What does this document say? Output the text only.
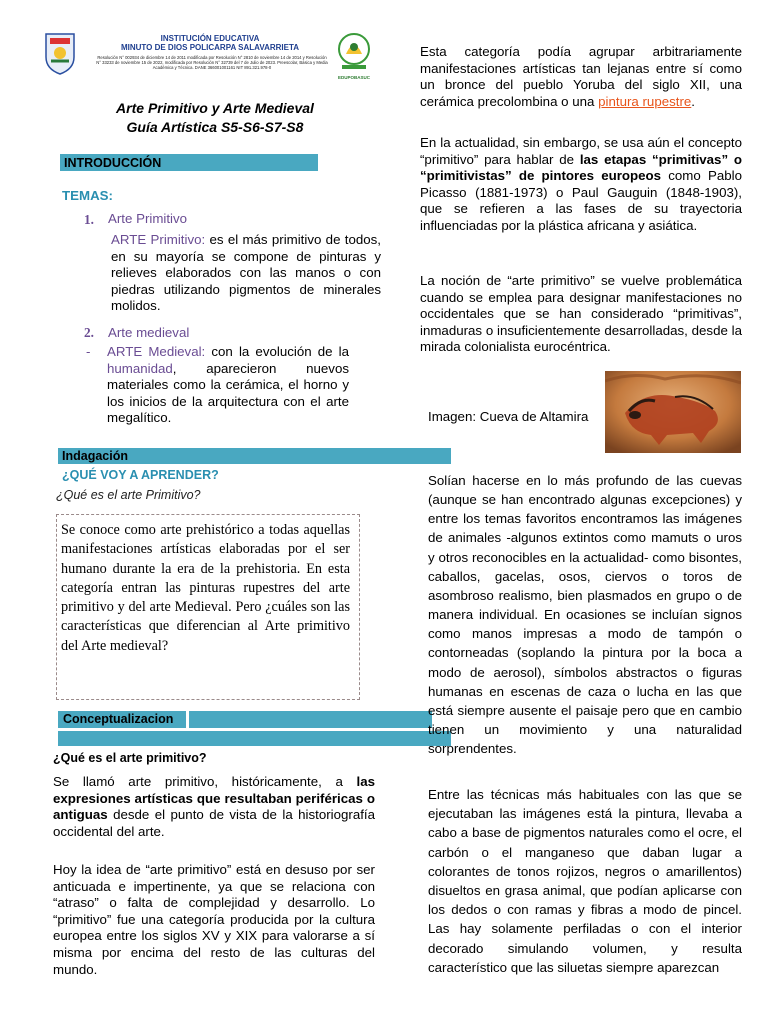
INSTITUCIÓN EDUCATIVA
MINUTO DE DIOS POLICARPA SALAVARRIETA
Resolución N° 002934 de diciembre 14 de 2011 modificada por Resolución N° 2810 de noviembre 14 de 2014 y Resolución N° 33233 de noviembre 15 de 2022, modificada por Resolución N° 32739 del 7 de Julio de 2023. Preescolar, Básica y Media Académica y Técnica. DANE 366001001161 NIT 891.321.978-0
EDUPOBASUC
Arte Primitivo y Arte Medieval
Guía Artística S5-S6-S7-S8
INTRODUCCIÓN
TEMAS:
1. Arte Primitivo
ARTE Primitivo: es el más primitivo de todos, en su mayoría se compone de pinturas y relieves elaborados con las manos o con piedras utilizando pigmentos de minerales molidos.
2. Arte medieval
- ARTE Medieval: con la evolución de la humanidad, aparecieron nuevos materiales como la cerámica, el horno y los inicios de la arquitectura con el arte megalítico.
Indagación
¿QUÉ VOY A APRENDER?
¿Qué es el arte Primitivo?
Se conoce como arte prehistórico a todas aquellas manifestaciones artísticas elaboradas por el ser humano durante la era de la prehistoria. En esta categoría entran las pinturas rupestres del arte primitivo y del arte Medieval. Pero ¿cuáles son las características que diferencian al Arte primitivo del Arte medieval?
Conceptualizacion
¿Qué es el arte primitivo?
Se llamó arte primitivo, históricamente, a las expresiones artísticas que resultaban periféricas o antiguas desde el punto de vista de la historiografía occidental del arte.
Hoy la idea de “arte primitivo” está en desuso por ser anticuada e impertinente, ya que se relaciona con “atraso” o falta de complejidad y desarrollo. Lo “primitivo” fue una categoría producida por la cultura europea entre los siglos XV y XIX para valorarse a sí misma por encima del resto de las culturas del mundo.
Esta categoría podía agrupar arbitrariamente manifestaciones artísticas tan lejanas entre sí como un bronce del pueblo Yoruba del siglo XII, una cerámica precolombina o una pintura rupestre.
En la actualidad, sin embargo, se usa aún el concepto “primitivo” para hablar de las etapas “primitivas” o “primitivistas” de pintores europeos como Pablo Picasso (1881-1973) o Paul Gauguin (1848-1903), que se refieren a las fases de su trayectoria influenciadas por la plástica africana y asiática.
La noción de “arte primitivo” se vuelve problemática cuando se emplea para designar manifestaciones no occidentales que se han considerado “primitivas”, inmaduras o insuficientemente desarrolladas, desde la mirada colonialista eurocéntrica.
Imagen: Cueva de Altamira
Solían hacerse en lo más profundo de las cuevas (aunque se han encontrado algunas excepciones) y entre los temas favoritos encontramos las imágenes de animales -algunos extintos como mamuts o uros y otros reconocibles en la actualidad- como bisontes, caballos, gacelas, osos, ciervos o toros de asombroso realismo, bien plasmados en grupo o de manera individual. En ocasiones se incluían signos como manos impresas a modo de tampón o contorneadas (soplando la pintura por la boca a modo de aerosol), símbolos abstractos o figuras humanas en escenas de caza o lucha en las que está siempre ausente el paisaje pero que en cambio tienen un movimiento y una naturalidad sorprendentes.
Entre las técnicas más habituales con las que se ejecutaban las imágenes está la pintura, llevaba a cabo a base de pigmentos naturales como el ocre, el carbón o el manganeso que daban lugar a colorantes de tonos rojizos, negros o amarillentos) disueltos en grasa animal, que podían aplicarse con los dedos o con ramas y fibras a modo de pincel. Las hay solamente perfiladas o con el interior decorado simulando volumen, y resulta característico que las siluetas siempre aparezcan
